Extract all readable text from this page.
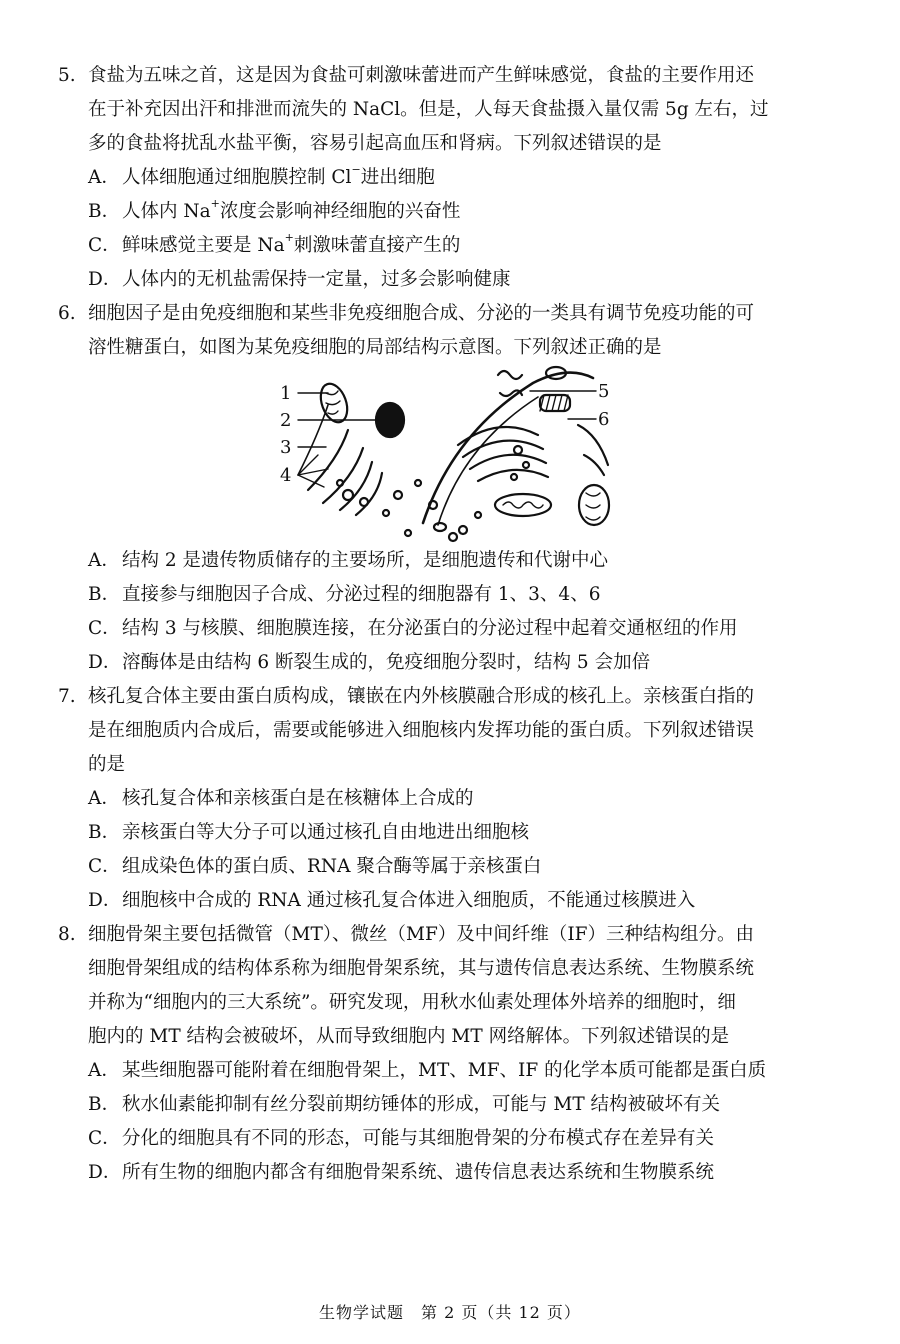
5. 食盐为五味之首，这是因为食盐可刺激味蕾进而产生鲜味感觉，食盐的主要作用还
在于补充因出汗和排泄而流失的 NaCl。但是，人每天食盐摄入量仅需 5g 左右，过
多的食盐将扰乱水盐平衡，容易引起高血压和肾病。下列叙述错误的是
A． 人体细胞通过细胞膜控制 Cl−进出细胞
B． 人体内 Na+浓度会影响神经细胞的兴奋性
C．鲜味感觉主要是 Na+刺激味蕾直接产生的
D．人体内的无机盐需保持一定量，过多会影响健康
6. 细胞因子是由免疫细胞和某些非免疫细胞合成、分泌的一类具有调节免疫功能的可
溶性糖蛋白，如图为某免疫细胞的局部结构示意图。下列叙述正确的是
1
2
3
4
5
6
A． 结构 2 是遗传物质储存的主要场所，是细胞遗传和代谢中心
B． 直接参与细胞因子合成、分泌过程的细胞器有 1、3、4、6
C．结构 3 与核膜、细胞膜连接，在分泌蛋白的分泌过程中起着交通枢纽的作用
D．溶酶体是由结构 6 断裂生成的，免疫细胞分裂时，结构 5 会加倍
7. 核孔复合体主要由蛋白质构成，镶嵌在内外核膜融合形成的核孔上。亲核蛋白指的
是在细胞质内合成后，需要或能够进入细胞核内发挥功能的蛋白质。下列叙述错误
的是
A． 核孔复合体和亲核蛋白是在核糖体上合成的
B． 亲核蛋白等大分子可以通过核孔自由地进出细胞核
C．组成染色体的蛋白质、RNA 聚合酶等属于亲核蛋白
D．细胞核中合成的 RNA 通过核孔复合体进入细胞质，不能通过核膜进入
8. 细胞骨架主要包括微管（MT）、微丝（MF）及中间纤维（IF）三种结构组分。由
细胞骨架组成的结构体系称为细胞骨架系统，其与遗传信息表达系统、生物膜系统
并称为“细胞内的三大系统”。研究发现，用秋水仙素处理体外培养的细胞时，细
胞内的 MT 结构会被破坏，从而导致细胞内 MT 网络解体。下列叙述错误的是
A． 某些细胞器可能附着在细胞骨架上，MT、MF、IF 的化学本质可能都是蛋白质
B． 秋水仙素能抑制有丝分裂前期纺锤体的形成，可能与 MT 结构被破坏有关
C．分化的细胞具有不同的形态，可能与其细胞骨架的分布模式存在差异有关
D．所有生物的细胞内都含有细胞骨架系统、遗传信息表达系统和生物膜系统
生物学试题　第 2 页（共 12 页）
